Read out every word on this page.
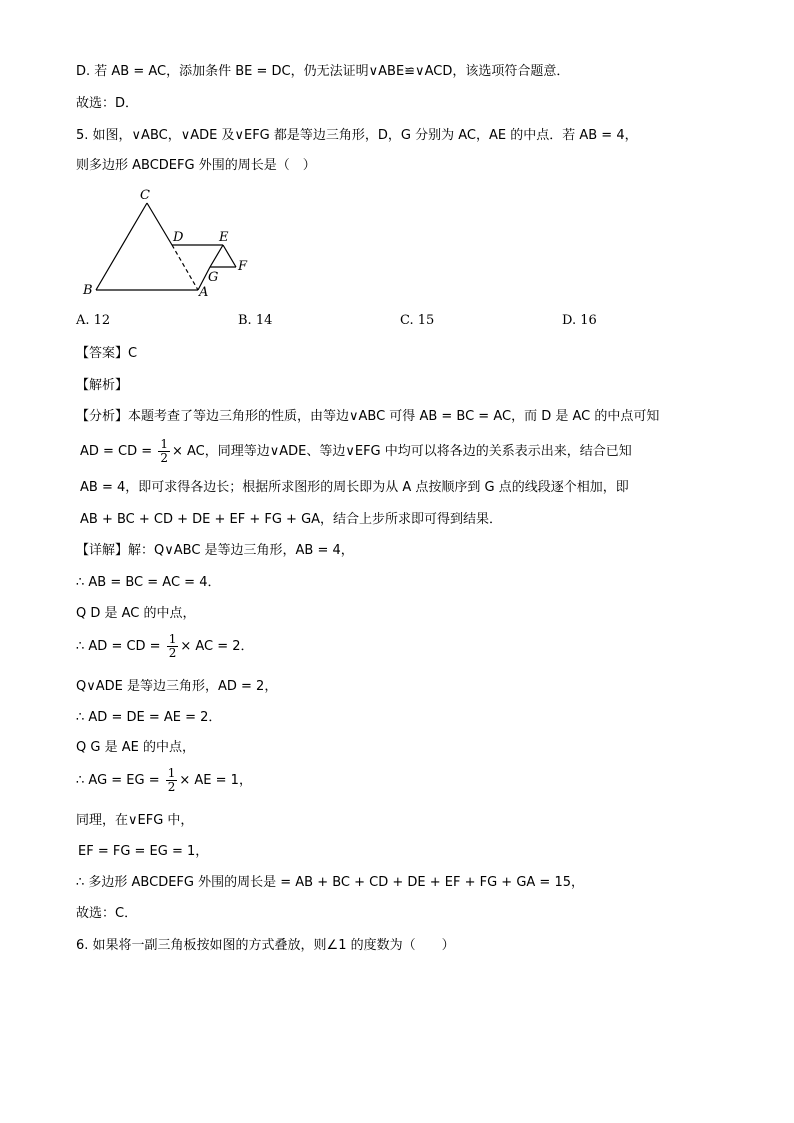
D. 若 AB = AC，添加条件 BE = DC，仍无法证明∨ABE≌∨ACD，该选项符合题意．
故选：D．
5. 如图，∨ABC，∨ADE 及∨EFG 都是等边三角形，D，G 分别为 AC，AE 的中点．若 AB = 4，
则多边形 ABCDEFG 外围的周长是（　）
C
D	E
F
G
B	A
A. 12	B. 14	C. 15	D. 16
【答案】C
【解析】
【分析】本题考查了等边三角形的性质，由等边∨ABC 可得 AB = BC = AC，而 D 是 AC 的中点可知
AD = CD = $\frac{1}{2}$ × AC，同理等边∨ADE、等边∨EFG 中均可以将各边的关系表示出来，结合已知
AB = 4，即可求得各边长；根据所求图形的周长即为从 A 点按顺序到 G 点的线段逐个相加，即
AB + BC + CD + DE + EF + FG + GA，结合上步所求即可得到结果．
【详解】解：Q∨ABC 是等边三角形，AB = 4，
∴ AB = BC = AC = 4．
Q D 是 AC 的中点，
∴ AD = CD = $\frac{1}{2}$ × AC = 2．
Q∨ADE 是等边三角形，AD = 2，
∴ AD = DE = AE = 2．
Q G 是 AE 的中点，
∴ AG = EG = $\frac{1}{2}$ × AE = 1，
同理，在∨EFG 中，
EF = FG = EG = 1，
∴ 多边形 ABCDEFG 外围的周长是 = AB + BC + CD + DE + EF + FG + GA = 15，
故选：C．
6. 如果将一副三角板按如图的方式叠放，则∠1 的度数为（　　）
